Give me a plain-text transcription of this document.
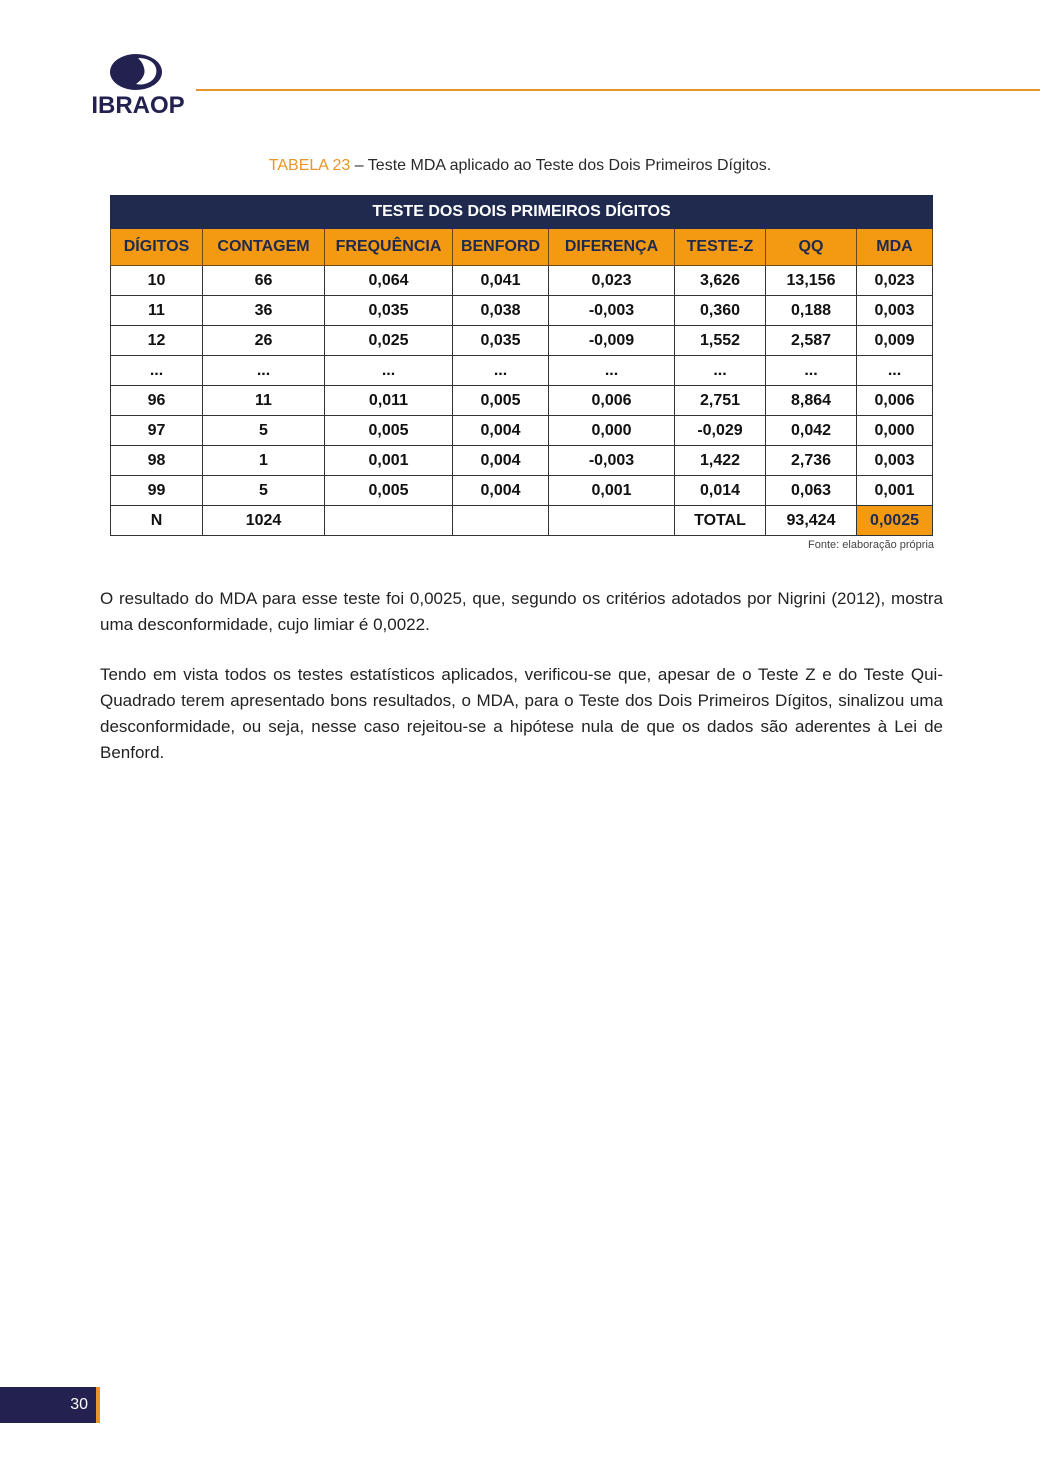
IBRAOP
TABELA 23 – Teste MDA aplicado ao Teste dos Dois Primeiros Dígitos.
TESTE DOS DOIS PRIMEIROS DÍGITOS							
DÍGITOS	CONTAGEM	FREQUÊNCIA	BENFORD	DIFERENÇA	TESTE-Z	QQ	MDA
10	66	0,064	0,041	0,023	3,626	13,156	0,023
11	36	0,035	0,038	-0,003	0,360	0,188	0,003
12	26	0,025	0,035	-0,009	1,552	2,587	0,009
...	...	...	...	...	...	...	...
96	11	0,011	0,005	0,006	2,751	8,864	0,006
97	5	0,005	0,004	0,000	-0,029	0,042	0,000
98	1	0,001	0,004	-0,003	1,422	2,736	0,003
99	5	0,005	0,004	0,001	0,014	0,063	0,001
N	1024				TOTAL	93,424	0,0025
Fonte: elaboração própria

O resultado do MDA para esse teste foi 0,0025, que, segundo os critérios adotados por Nigrini (2012), mostra uma desconformidade, cujo limiar é 0,0022.

Tendo em vista todos os testes estatísticos aplicados, verificou-se que, apesar de o Teste Z e do Teste Qui-Quadrado terem apresentado bons resultados, o MDA, para o Teste dos Dois Primeiros Dígitos, sinalizou uma desconformidade, ou seja, nesse caso rejeitou-se a hipótese nula de que os dados são aderentes à Lei de Benford.

30
